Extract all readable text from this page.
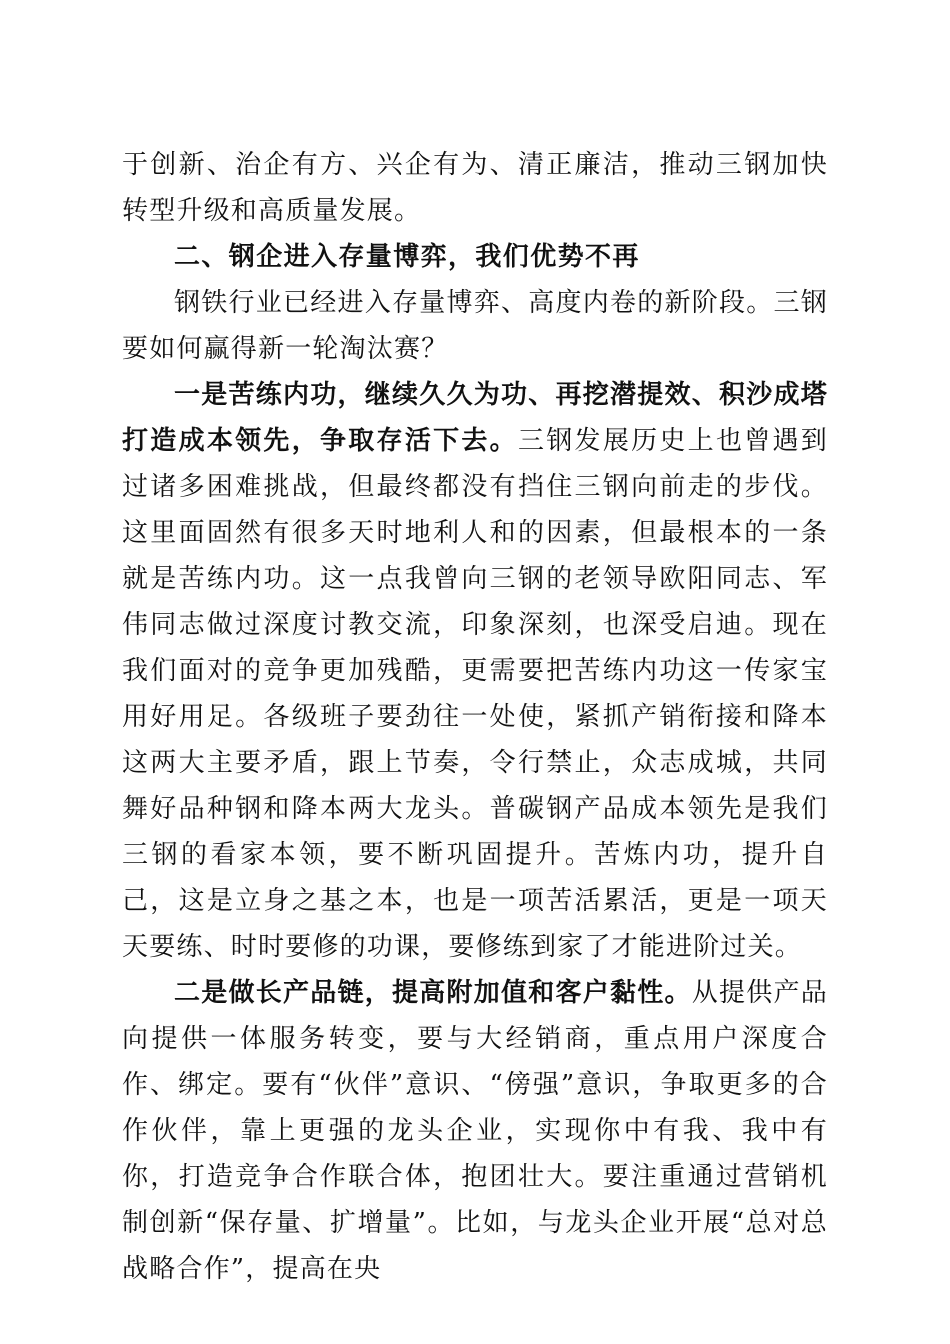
于创新、治企有方、兴企有为、清正廉洁，推动三钢加快转型升级和高质量发展。

二、钢企进入存量博弈，我们优势不再

钢铁行业已经进入存量博弈、高度内卷的新阶段。三钢要如何赢得新一轮淘汰赛？

一是苦练内功，继续久久为功、再挖潜提效、积沙成塔打造成本领先，争取存活下去。三钢发展历史上也曾遇到过诸多困难挑战，但最终都没有挡住三钢向前走的步伐。这里面固然有很多天时地利人和的因素，但最根本的一条就是苦练内功。这一点我曾向三钢的老领导欧阳同志、军伟同志做过深度讨教交流，印象深刻，也深受启迪。现在我们面对的竞争更加残酷，更需要把苦练内功这一传家宝用好用足。各级班子要劲往一处使，紧抓产销衔接和降本这两大主要矛盾，跟上节奏，令行禁止，众志成城，共同舞好品种钢和降本两大龙头。普碳钢产品成本领先是我们三钢的看家本领，要不断巩固提升。苦炼内功，提升自己，这是立身之基之本，也是一项苦活累活，更是一项天天要练、时时要修的功课，要修练到家了才能进阶过关。

二是做长产品链，提高附加值和客户黏性。从提供产品向提供一体服务转变，要与大经销商，重点用户深度合作、绑定。要有“伙伴”意识、“傍强”意识，争取更多的合作伙伴，靠上更强的龙头企业，实现你中有我、我中有你，打造竞争合作联合体，抱团壮大。要注重通过营销机制创新“保存量、扩增量”。比如，与龙头企业开展“总对总战略合作”，提高在央
